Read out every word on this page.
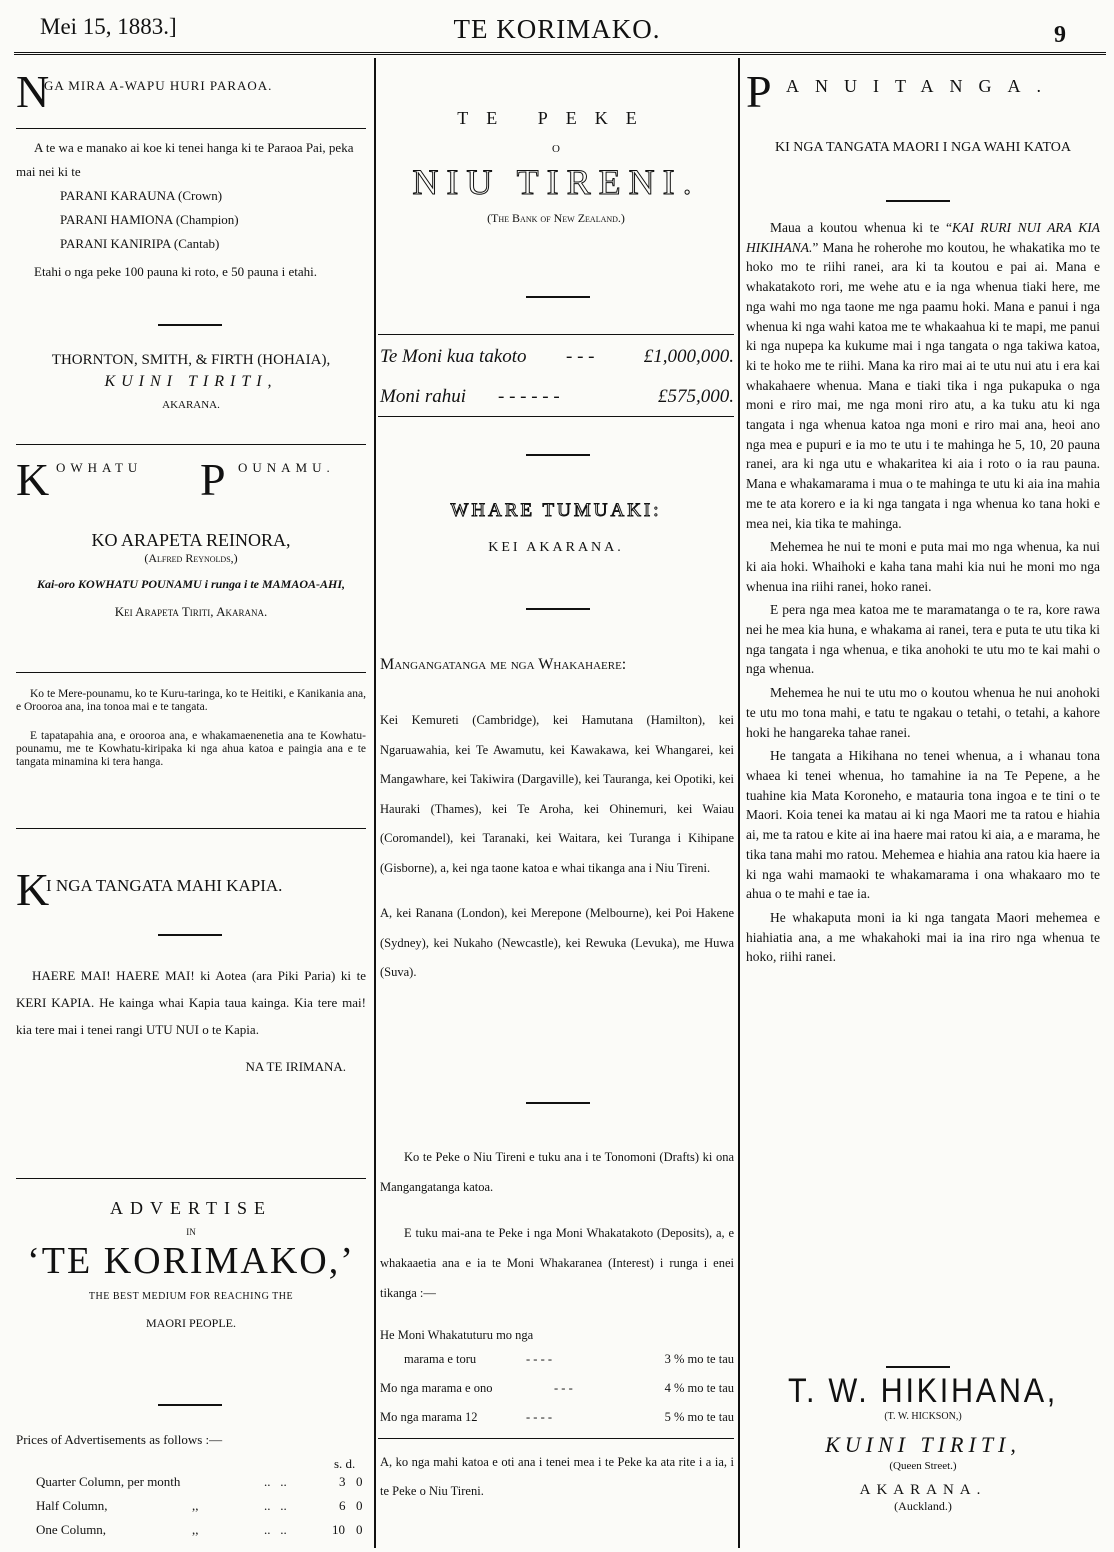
Mei 15, 1883.]	TE KORIMAKO.	9
N
GA MIRA A-WAPU HURI PARAOA.

A te wa e manako ai koe ki tenei hanga ki te Paraoa Pai, peka mai nei ki te

PARANI KARAUNA (Crown)

PARANI HAMIONA (Champion)

PARANI KANIRIPA (Cantab)

Etahi o nga peke 100 pauna ki roto, e 50 pauna i etahi.

THORNTON, SMITH, & FIRTH (HOHAIA),

KUINI TIRITI,

AKARANA.

K OWHATU P OUNAMU.

KO ARAPETA REINORA,

(Alfred Reynolds,)

Kai-oro KOWHATU POUNAMU i runga i te MAMAOA-AHI,

Kei Arapeta Tiriti, Akarana.

Ko te Mere-pounamu, ko te Kuru-taringa, ko te Heitiki, e Kanikania ana, e Orooroa ana, ina tonoa mai e te tangata.

E tapatapahia ana, e orooroa ana, e whakamaenenetia ana te Kowhatu-pounamu, me te Kowhatu-kiripaka ki nga ahua katoa e paingia ana e te tangata minamina ki tera hanga.

K
I NGA TANGATA MAHI KAPIA.

HAERE MAI! HAERE MAI! ki Aotea (ara Piki Paria) ki te KERI KAPIA. He kainga whai Kapia taua kainga. Kia tere mai! kia tere mai i tenei rangi UTU NUI o te Kapia.

NA TE IRIMANA.

ADVERTISE

IN

‘TE KORIMAKO,’

THE BEST MEDIUM FOR REACHING THE

MAORI PEOPLE.

Prices of Advertisements as follows :—
s. d.
Quarter Column, per month	..   ..	3 0
Half Column,	,,	..   ..	6 0
One Column,	,,	..   ..	10 0

TE PEKE

O

NIU TIRENI.

(The Bank of New Zealand.)

Te Moni kua takoto - - -	£1,000,000.
Moni rahui - - - - - -	£575,000.

WHARE TUMUAKI:

KEI AKARANA.

Mangangatanga me nga Whakahaere:

Kei Kemureti (Cambridge), kei Hamutana (Hamilton), kei Ngaruawahia, kei Te Awamutu, kei Kawakawa, kei Whangarei, kei Mangawhare, kei Takiwira (Dargaville), kei Tauranga, kei Opotiki, kei Hauraki (Thames), kei Te Aroha, kei Ohinemuri, kei Waiau (Coromandel), kei Taranaki, kei Waitara, kei Turanga i Kihipane (Gisborne), a, kei nga taone katoa e whai tikanga ana i Niu Tireni.

A, kei Ranana (London), kei Merepone (Melbourne), kei Poi Hakene (Sydney), kei Nukaho (Newcastle), kei Rewuka (Levuka), me Huwa (Suva).

Ko te Peke o Niu Tireni e tuku ana i te Tonomoni (Drafts) ki ona Mangangatanga katoa.

E tuku mai-ana te Peke i nga Moni Whakatakoto (Deposits), a, e whakaaetia ana e ia te Moni Whakaranea (Interest) i runga i enei tikanga :—

He Moni Whakatuturu mo nga

marama e toru	- - - -	3 % mo te tau
Mo nga marama e ono	- - -	4 % mo te tau
Mo nga marama 12	- - - -	5 % mo te tau

A, ko nga mahi katoa e oti ana i tenei mea i te Peke ka ata rite i a ia, i te Peke o Niu Tireni.

P ANUITANGA.

KI NGA TANGATA MAORI I NGA WAHI KATOA

Maua a koutou whenua ki te “KAI RURI NUI ARA KIA HIKIHANA.” Mana he roherohe mo koutou, he whakatika mo te hoko mo te riihi ranei, ara ki ta koutou e pai ai. Mana e whakatakoto rori, me wehe atu e ia nga whenua tiaki here, me nga wahi mo nga taone me nga paamu hoki. Mana e panui i nga whenua ki nga wahi katoa me te whakaahua ki te mapi, me panui ki nga nupepa ka kukume mai i nga tangata o nga takiwa katoa, ki te hoko me te riihi. Mana ka riro mai ai te utu nui atu i era kai whakahaere whenua. Mana e tiaki tika i nga pukapuka o nga moni e riro mai, me nga moni riro atu, a ka tuku atu ki nga tangata i nga whenua katoa nga moni e riro mai ana, heoi ano nga mea e pupuri e ia mo te utu i te mahinga he 5, 10, 20 pauna ranei, ara ki nga utu e whakaritea ki aia i roto o ia rau pauna. Mana e whakamarama i mua o te mahinga te utu ki aia ina mahia me te ata korero e ia ki nga tangata i nga whenua ko tana hoki e mea nei, kia tika te mahinga.

Mehemea he nui te moni e puta mai mo nga whenua, ka nui ki aia hoki. Whaihoki e kaha tana mahi kia nui he moni mo nga whenua ina riihi ranei, hoko ranei.

E pera nga mea katoa me te maramatanga o te ra, kore rawa nei he mea kia huna, e whakama ai ranei, tera e puta te utu tika ki nga tangata i nga whenua, e tika anohoki te utu mo te kai mahi o nga whenua.

Mehemea he nui te utu mo o koutou whenua he nui anohoki te utu mo tona mahi, e tatu te ngakau o tetahi, o tetahi, a kahore hoki he hangareka tahae ranei.

He tangata a Hikihana no tenei whenua, a i whanau tona whaea ki tenei whenua, ho tamahine ia na Te Pepene, a he tuahine kia Mata Koroneho, e matauria tona ingoa e te tini o te Maori. Koia tenei ka matau ai ki nga Maori me ta ratou e hiahia ai, me ta ratou e kite ai ina haere mai ratou ki aia, a e marama, he tika tana mahi mo ratou. Mehemea e hiahia ana ratou kia haere ia ki nga wahi mamaoki te whakamarama i ona whakaaro mo te ahua o te mahi e tae ia.

He whakaputa moni ia ki nga tangata Maori mehemea e hiahiatia ana, a me whakahoki mai ia ina riro nga whenua te hoko, riihi ranei.

T. W. HIKIHANA,

(T. W. HICKSON,)

KUINI TIRITI,

(Queen Street.)

AKARANA.

(Auckland.)
